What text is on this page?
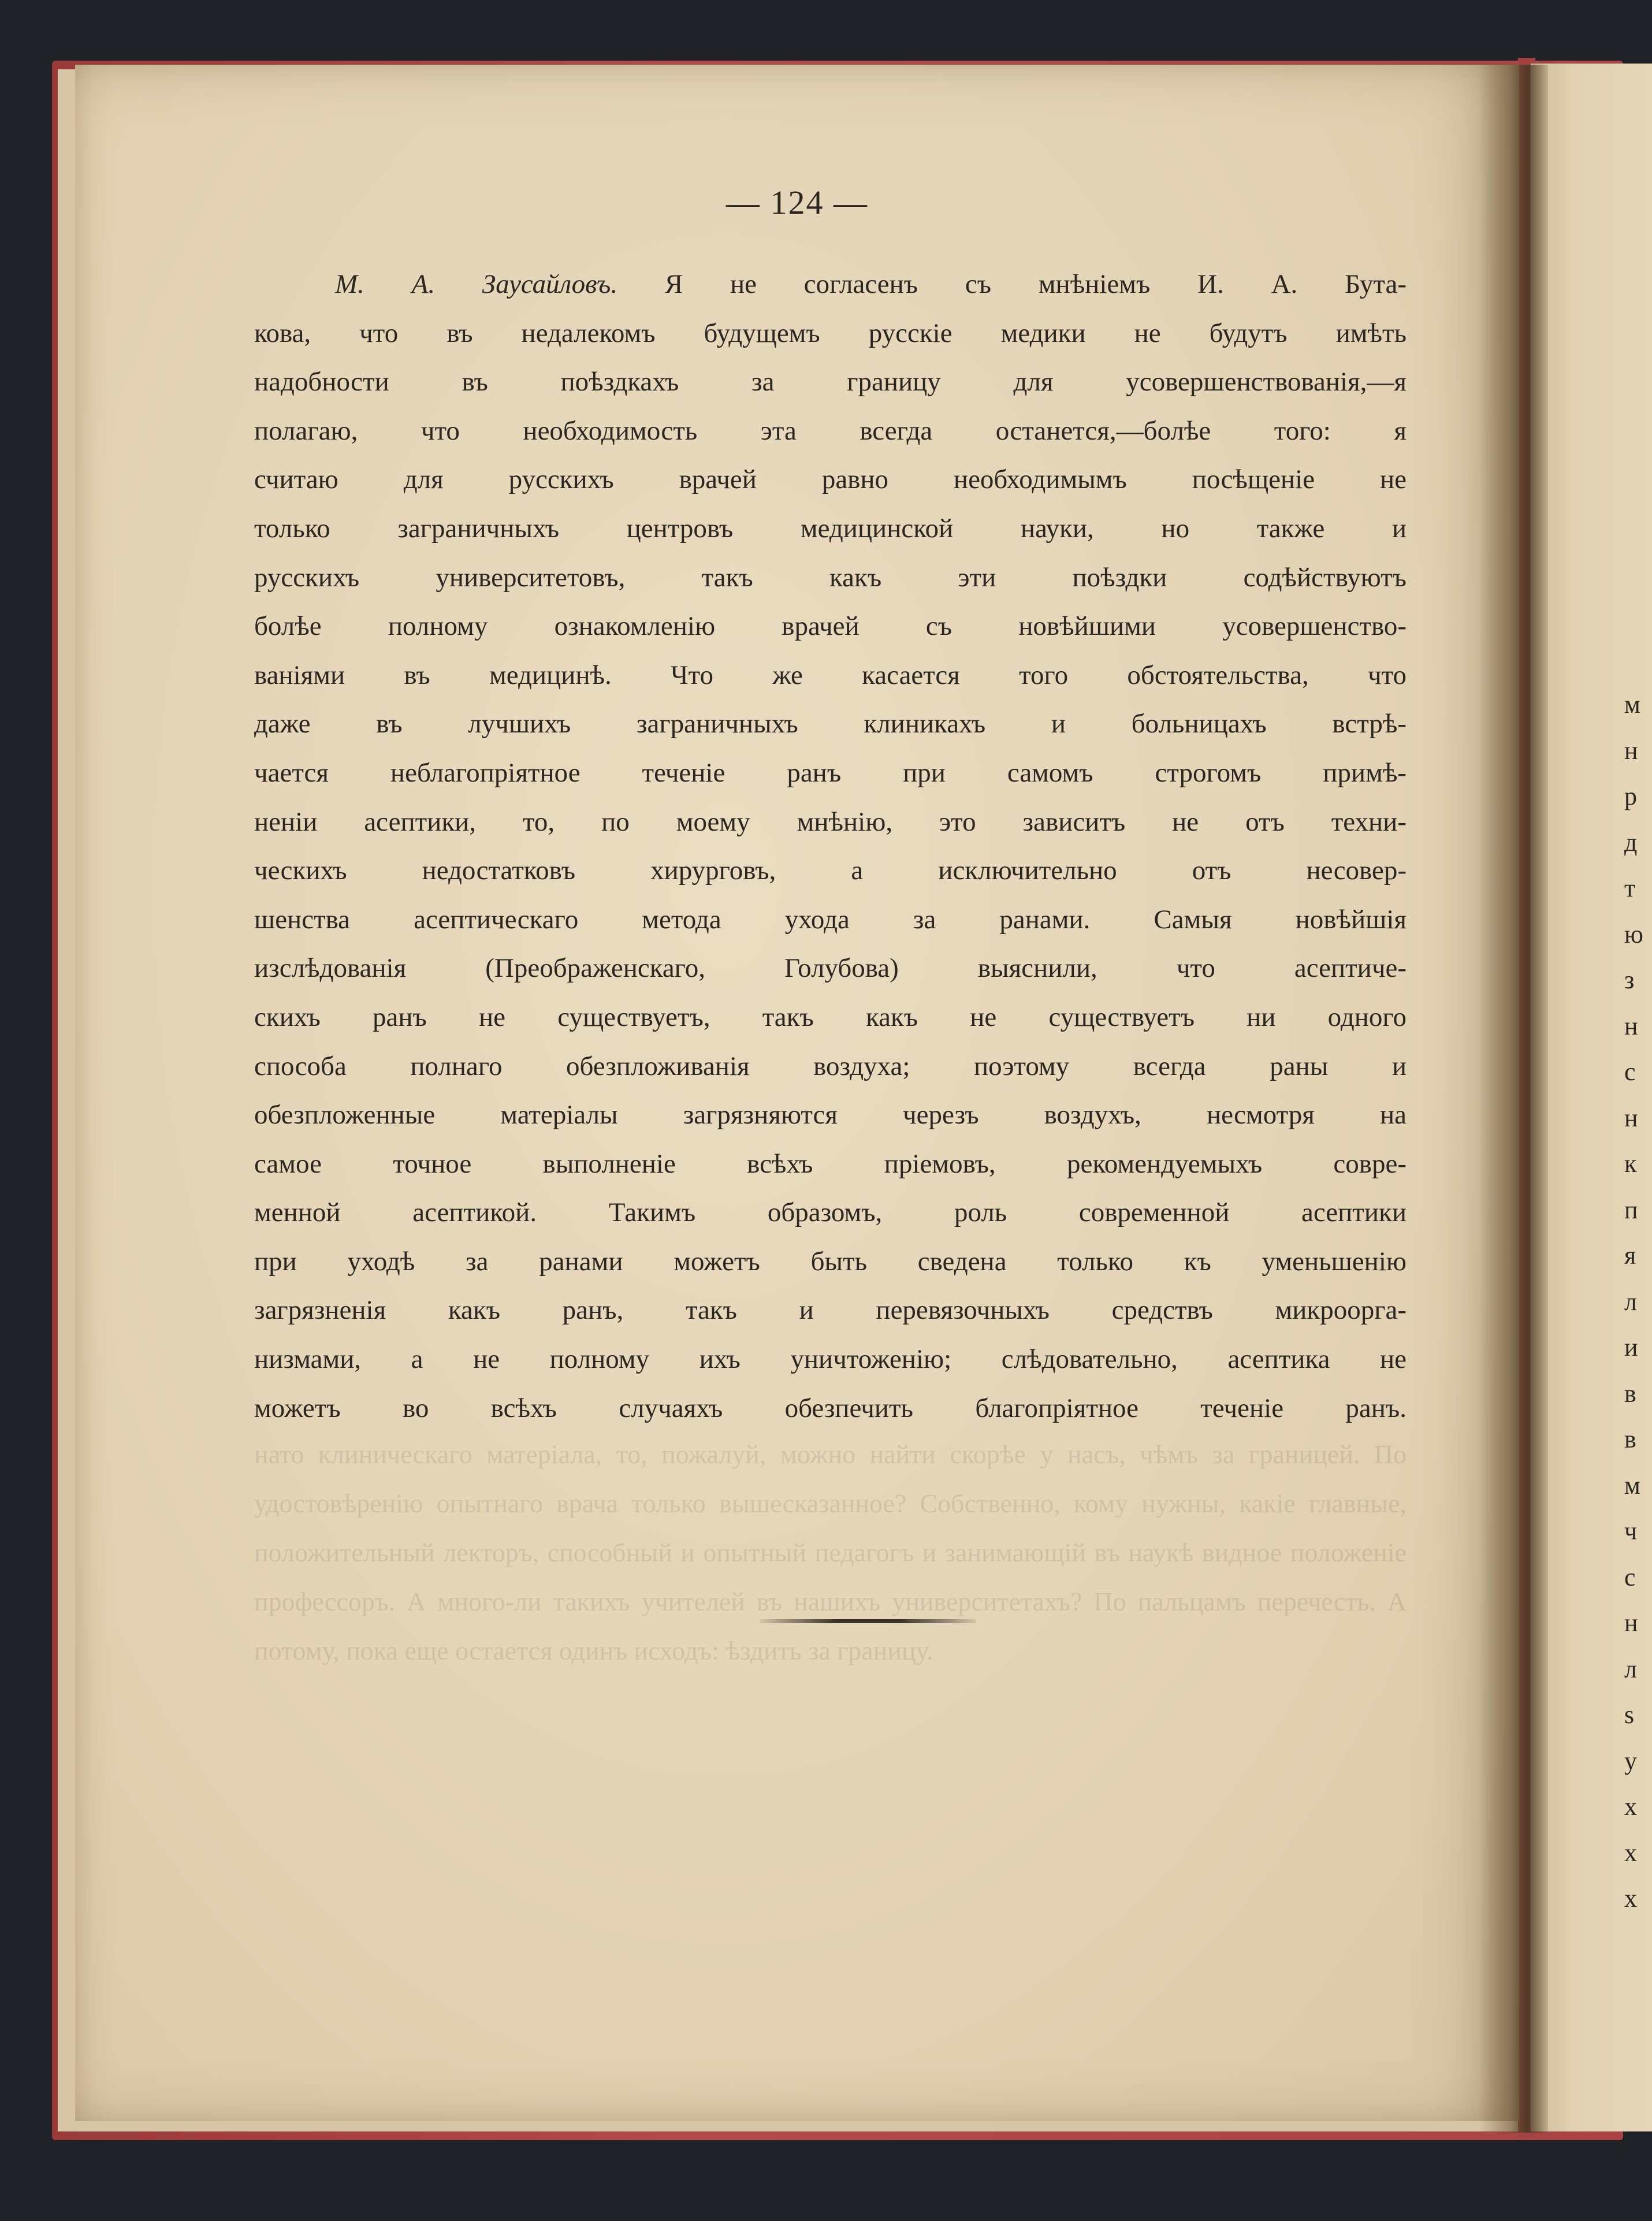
м
н
р
д
т
ю
з
н
с
н
к
п
я
л
и
в
в
м
ч
с
н
л
s
у
х
х
х
— 124 —
нато клиническаго матеріала, то, пожалуй, можно найти скорѣе у насъ, чѣмъ за границей. По удостовѣренію опытнаго врача только вышесказанное? Собственно, кому нужны, какіе главные, положительный лекторъ, способный и опытный педагогъ и занимающій въ наукѣ видное положеніе профессоръ. А много-ли такихъ учителей въ нашихъ университетахъ? По пальцамъ перечесть. А потому, пока еще остается одинъ исходъ: ѣздить за границу.
М. А. Заусайловъ. Я не согласенъ съ мнѣніемъ И. А. Бута-
кова, что въ недалекомъ будущемъ русскіе медики не будутъ имѣть
надобности въ поѣздкахъ за границу для усовершенствованія,—я
полагаю, что необходимость эта всегда останется,—болѣе того: я
считаю для русскихъ врачей равно необходимымъ посѣщеніе не
только заграничныхъ центровъ медицинской науки, но также и
русскихъ университетовъ, такъ какъ эти поѣздки содѣйствуютъ
болѣе полному ознакомленію врачей съ новѣйшими усовершенство-
ваніями въ медицинѣ. Что же касается того обстоятельства, что
даже въ лучшихъ заграничныхъ клиникахъ и больницахъ встрѣ-
чается неблагопріятное теченіе ранъ при самомъ строгомъ примѣ-
неніи асептики, то, по моему мнѣнію, это зависитъ не отъ техни-
ческихъ недостатковъ хирурговъ, а исключительно отъ несовер-
шенства асептическаго метода ухода за ранами. Самыя новѣйшія
изслѣдованія (Преображенскаго, Голубова) выяснили, что асептиче-
скихъ ранъ не существуетъ, такъ какъ не существуетъ ни одного
способа полнаго обезпложиванія воздуха; поэтому всегда раны и
обезпложенные матеріалы загрязняются черезъ воздухъ, несмотря на
самое точное выполненіе всѣхъ пріемовъ, рекомендуемыхъ совре-
менной асептикой. Такимъ образомъ, роль современной асептики
при уходѣ за ранами можетъ быть сведена только къ уменьшенію
загрязненія какъ ранъ, такъ и перевязочныхъ средствъ микроорга-
низмами, а не полному ихъ уничтоженію; слѣдовательно, асептика не
можетъ во всѣхъ случаяхъ обезпечить благопріятное теченіе ранъ.
